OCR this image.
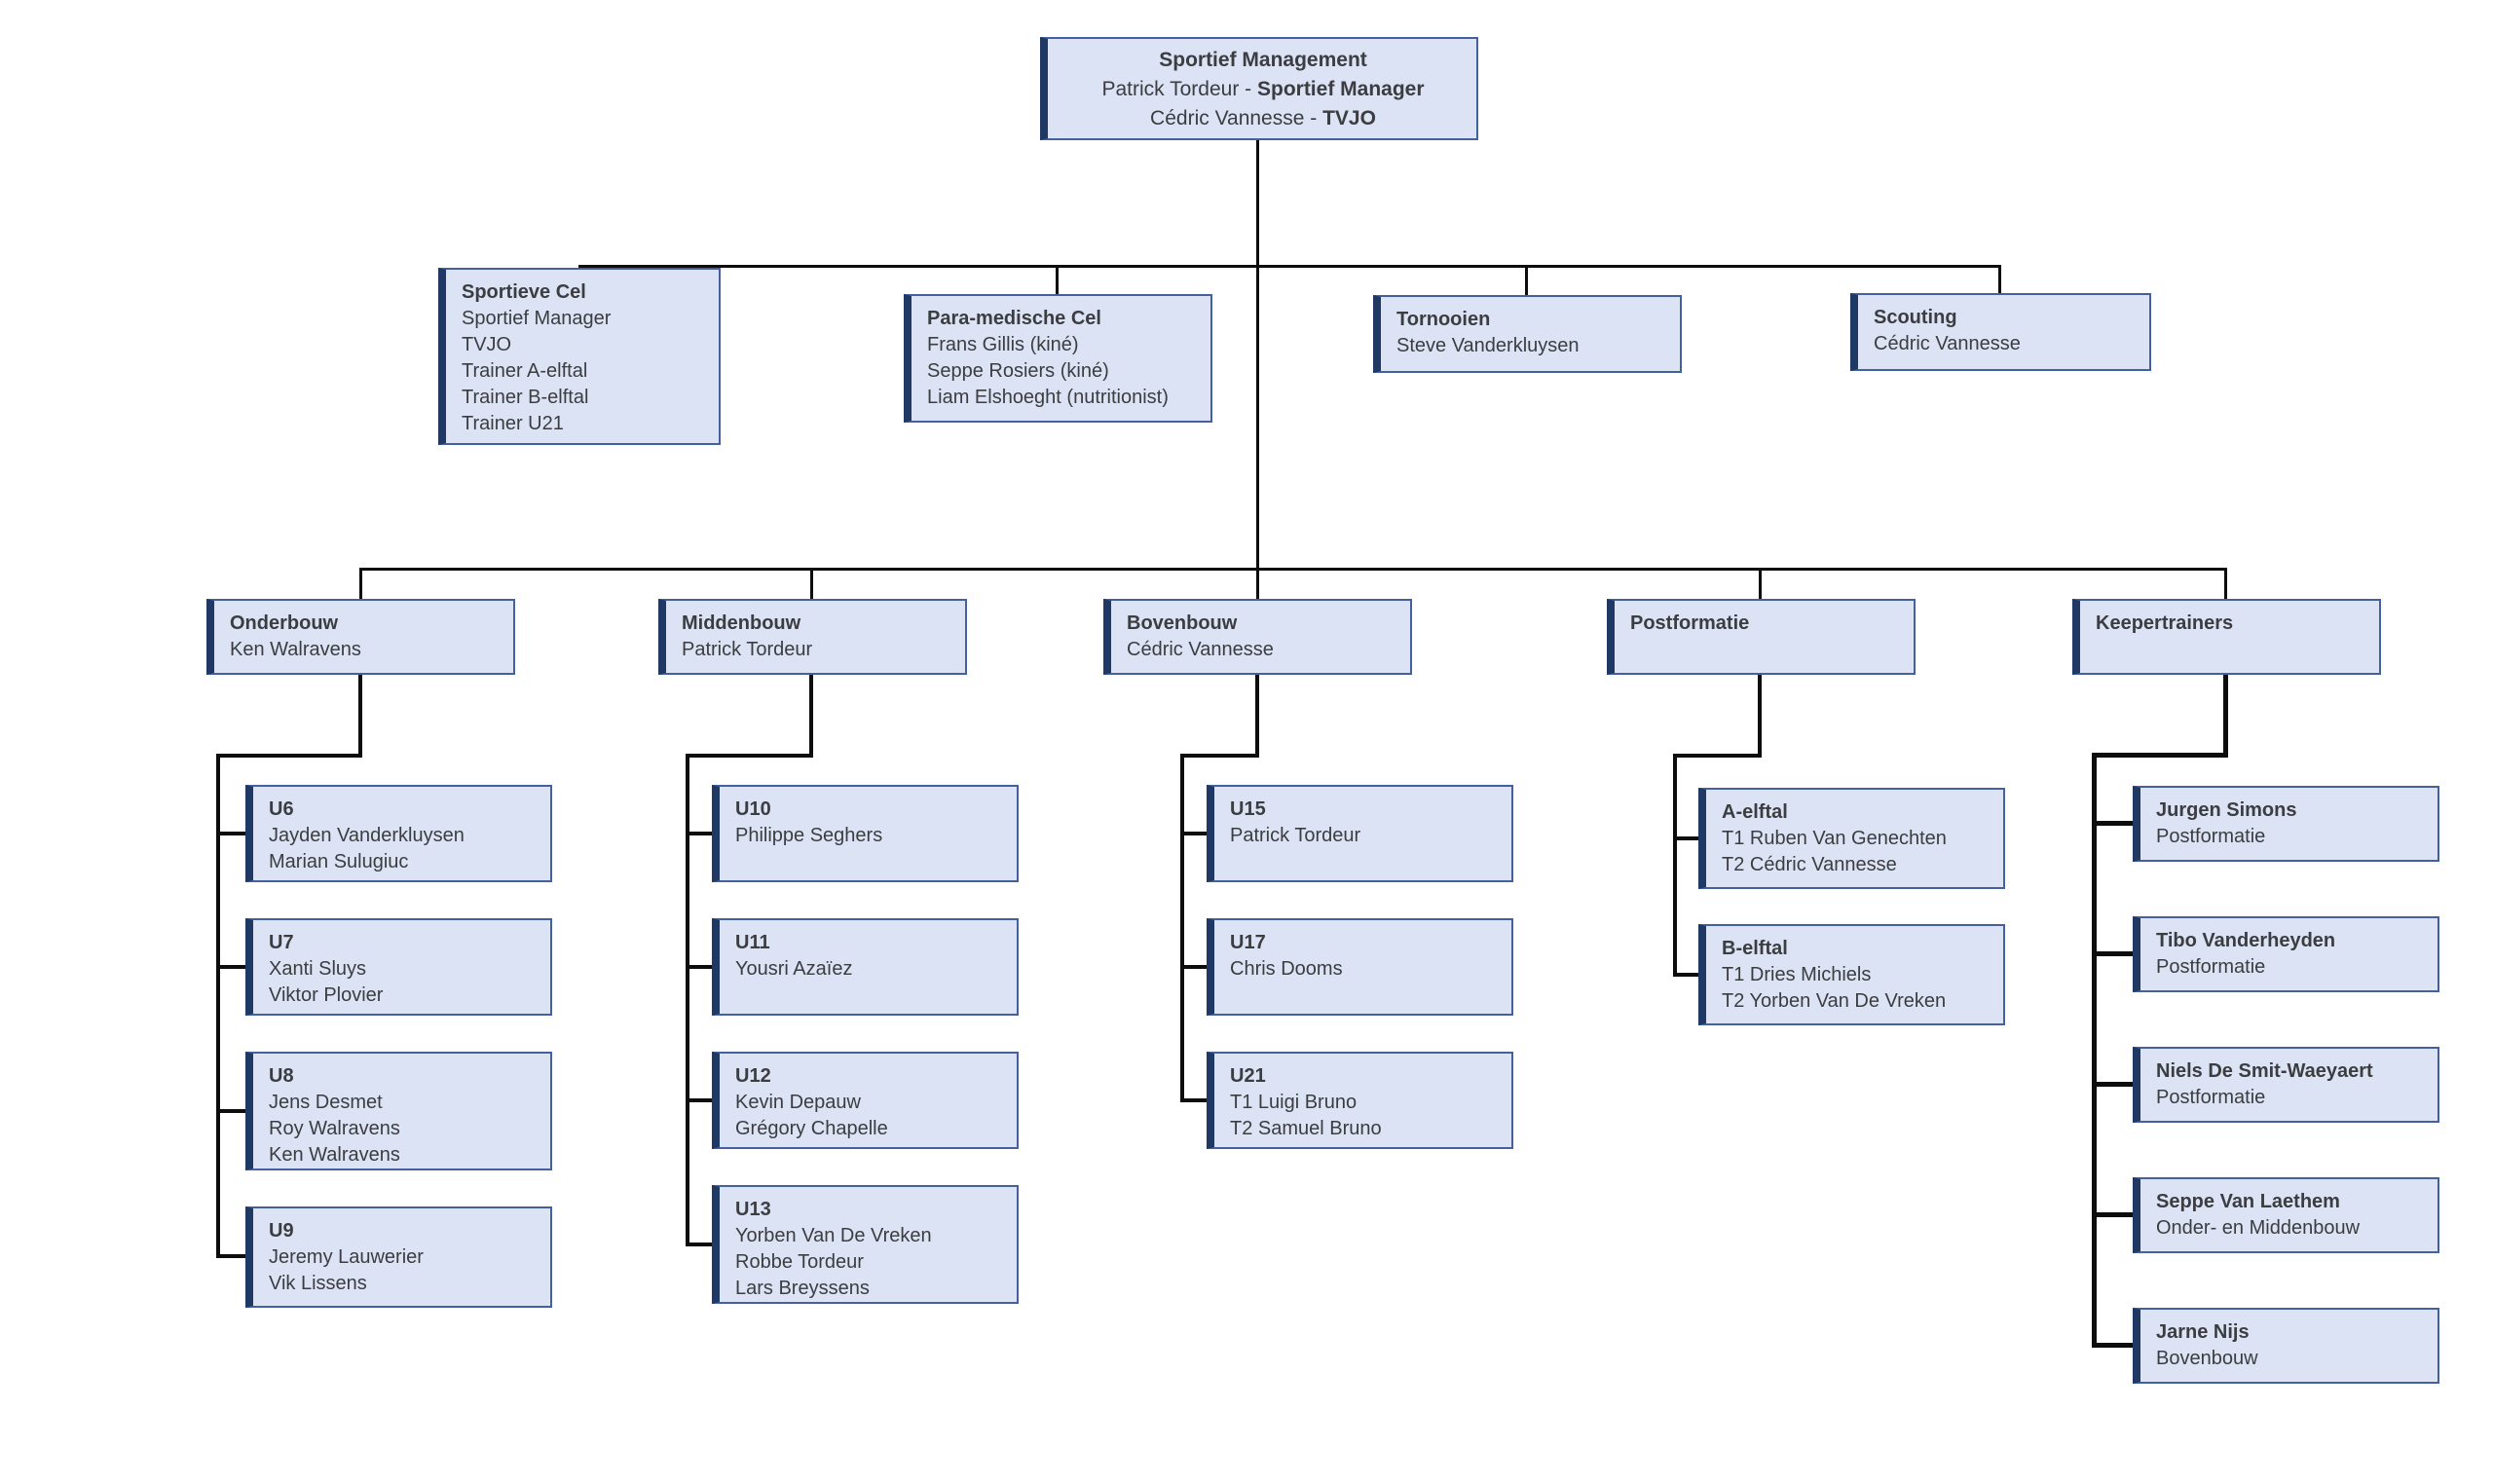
Sportief Management
Patrick Tordeur - Sportief Manager
Cédric Vannesse - TVJO
Sportieve Cel
Sportief Manager
TVJO
Trainer A-elftal
Trainer B-elftal
Trainer U21
Para-medische Cel
Frans Gillis (kiné)
Seppe Rosiers (kiné)
Liam Elshoeght (nutritionist)
Tornooien
Steve Vanderkluysen
Scouting
Cédric Vannesse
Onderbouw
Ken Walravens
Middenbouw
Patrick Tordeur
Bovenbouw
Cédric Vannesse
Postformatie	Keepertrainers
U6
Jayden Vanderkluysen
Marian Sulugiuc
U7
Xanti Sluys
Viktor Plovier
U8
Jens Desmet
Roy Walravens
Ken Walravens
U9
Jeremy Lauwerier
Vik Lissens
U10
Philippe Seghers
U11
Yousri Azaïez
U12
Kevin Depauw
Grégory Chapelle
U13
Yorben Van De Vreken
Robbe Tordeur
Lars Breyssens
U15
Patrick Tordeur
U17
Chris Dooms
U21
T1 Luigi Bruno
T2 Samuel Bruno
A-elftal
T1 Ruben Van Genechten
T2 Cédric Vannesse
B-elftal
T1 Dries Michiels
T2 Yorben Van De Vreken
Jurgen Simons
Postformatie
Tibo Vanderheyden
Postformatie
Niels De Smit-Waeyaert
Postformatie
Seppe Van Laethem
Onder- en Middenbouw
Jarne Nijs
Bovenbouw
